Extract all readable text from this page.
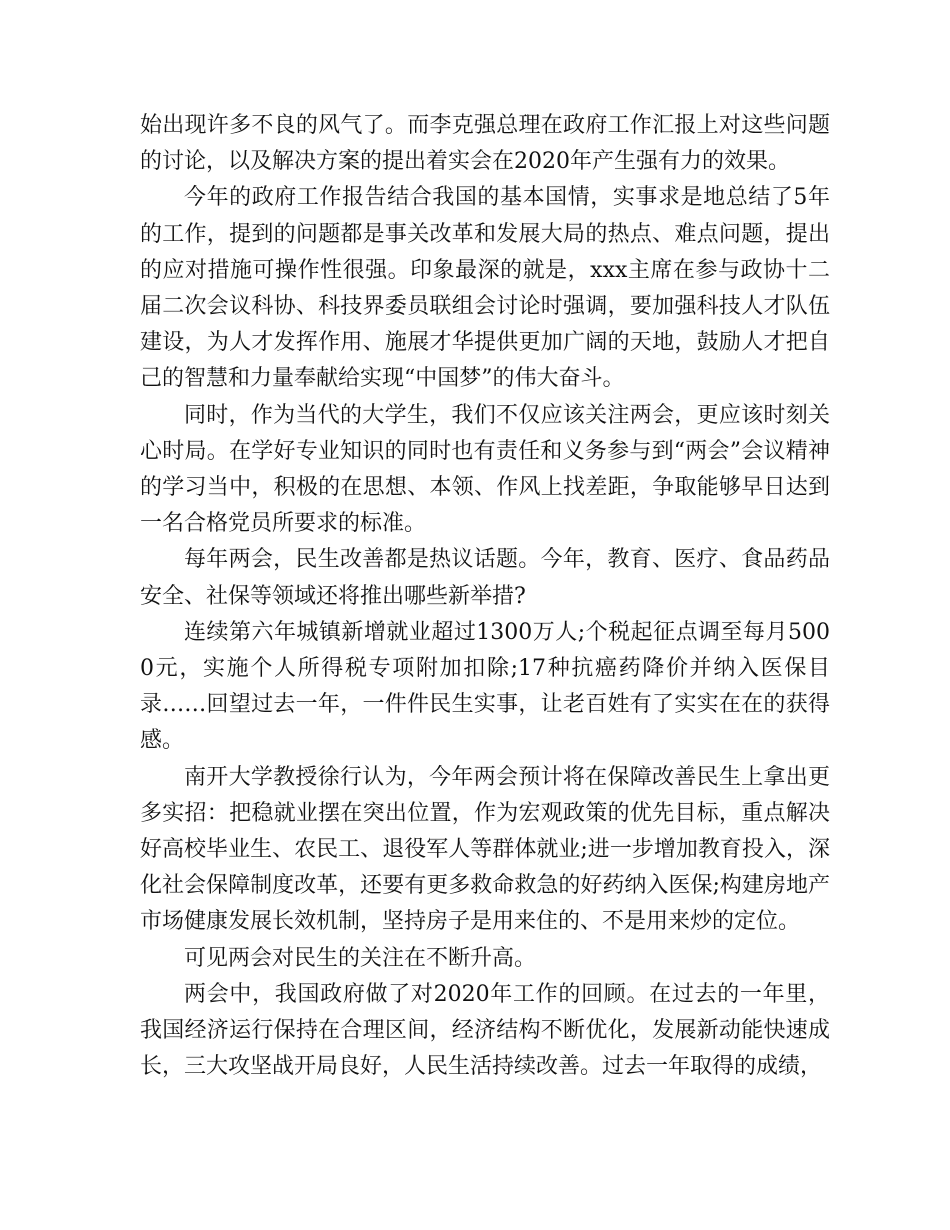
始出现许多不良的风气了。而李克强总理在政府工作汇报上对这些问题的讨论，以及解决方案的提出着实会在2020年产生强有力的效果。

今年的政府工作报告结合我国的基本国情，实事求是地总结了5年的工作，提到的问题都是事关改革和发展大局的热点、难点问题，提出的应对措施可操作性很强。印象最深的就是，xxx主席在参与政协十二届二次会议科协、科技界委员联组会讨论时强调，要加强科技人才队伍建设，为人才发挥作用、施展才华提供更加广阔的天地，鼓励人才把自己的智慧和力量奉献给实现“中国梦”的伟大奋斗。

同时，作为当代的大学生，我们不仅应该关注两会，更应该时刻关心时局。在学好专业知识的同时也有责任和义务参与到“两会”会议精神的学习当中，积极的在思想、本领、作风上找差距，争取能够早日达到一名合格党员所要求的标准。

每年两会，民生改善都是热议话题。今年，教育、医疗、食品药品安全、社保等领域还将推出哪些新举措?

连续第六年城镇新增就业超过1300万人;个税起征点调至每月5000元，实施个人所得税专项附加扣除;17种抗癌药降价并纳入医保目录……回望过去一年，一件件民生实事，让老百姓有了实实在在的获得感。

南开大学教授徐行认为，今年两会预计将在保障改善民生上拿出更多实招：把稳就业摆在突出位置，作为宏观政策的优先目标，重点解决好高校毕业生、农民工、退役军人等群体就业;进一步增加教育投入，深化社会保障制度改革，还要有更多救命救急的好药纳入医保;构建房地产市场健康发展长效机制，坚持房子是用来住的、不是用来炒的定位。

可见两会对民生的关注在不断升高。

两会中，我国政府做了对2020年工作的回顾。在过去的一年里，我国经济运行保持在合理区间，经济结构不断优化，发展新动能快速成长，三大攻坚战开局良好，人民生活持续改善。过去一年取得的成绩，
